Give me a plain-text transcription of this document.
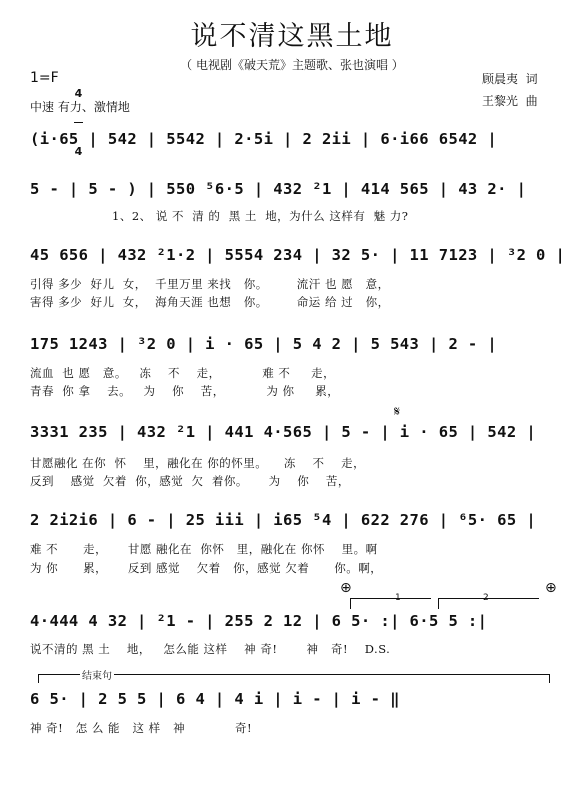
说不清这黑土地
（ 电视剧《破天荒》主题歌、张也演唱 ）
顾晨夷  词
王黎光  曲
1=F

4

4

中速 有力、激情地
(i·65 | 542 | 5542 | 2·5i | 2 2ii | 6·i66 6542 |
5 - | 5 - ) | 550 ⁵6·5 | 432 ²1 | 414 565 | 43 2· |
1、2、 说 不  清 的  黑 土  地，为什么 这样有  魅 力?
45 656 | 432 ²1·2 | 5554 234 | 32 5· | 11 7123 | ³2 0 |
引得 多少  好儿  女，  千里万里 来找   你。       流汗 也 愿   意，
害得 多少  好儿  女，  海角天涯 也想   你。       命运 给 过   你，
175 1243 | ³2 0 | i · 65 | 5 4 2 | 5 543 | 2 - |
流血  也 愿   意。   冻    不    走，          难 不     走，
青春  你 拿    去。   为    你    苦，          为 你     累，
𝄋
3331 235 | 432 ²1 | 441 4·565 | 5 - | i · 65 | 542 |
甘愿融化 在你  怀    里，融化在 你的怀里。    冻    不    走，
反到    感觉  欠着  你，感觉  欠  着你。     为    你    苦，
2 2i2i6 | 6 - | 25 iii | i65 ⁵4 | 622 276 | ⁶5· 65 |
难 不      走，     甘愿 融化在  你怀   里，融化在 你怀    里。啊
为 你      累，     反到 感觉    欠着   你，感觉 欠着      你。啊，
⊕	⊕
1	2
4·444 4 32 | ²1 - | 255 2 12 | 6 5· :| 6·5 5 :|
说不清的 黑 土    地，   怎么能 这样    神 奇!       神   奇!    D.S.
结束句
6 5· | 2 5 5 | 6 4 | 4 i | i - | i - ‖
神 奇!   怎 么 能   这 样   神            奇!
